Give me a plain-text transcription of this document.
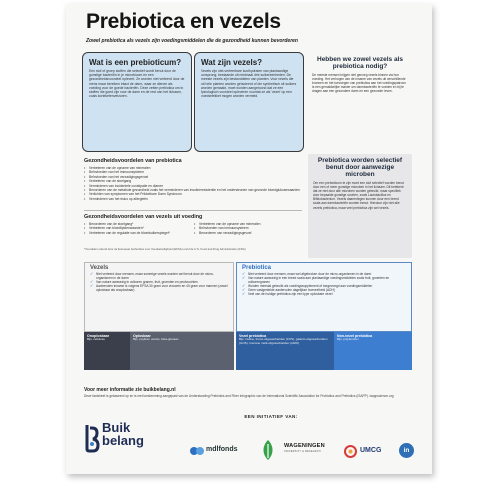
Prebiotica en vezels
Zowel prebiotica als vezels zijn voedingsmiddelen die de gezondheid kunnen bevorderen
Wat is een prebioticum?
Een stof of groep stoffen die selectief wordt benut door de gunstige bacteriën in je microbioom en een gezondheidsvoordeel oplevert. Ze worden niet verteerd door de mens maar bereiken intact de darm, waar ze dienen als voeding voor de goede bacteriën. Deze zetten prebiotica om in stoffen die goed zijn voor de darm en de rest van het lichaam, zoals korteketenvetzuren.
Wat zijn vezels?
Vezels zijn niet-verteerbare koolhydraten van plantaardige oorsprong, bestaande uit minimaal drie suikereenheden. De meeste vezels zijn bestanddelen van planten. Voor vezels die uit hele planten worden geïsoleerd of die synthetisch uit suikers worden gemaakt, moet worden aangetoond dat ze een fysiologisch voordeel opleveren voordat ze als 'vezel' op een voedseletiket mogen worden vermeld.
Hebben we zowel vezels als prebiotica nodig?
De meeste mensen krijgen niet genoeg vezels binnen via hun voeding. Het verhogen van de inname van vezels uit verschillende bronnen en het toevoegen van prebiotica aan het voedingspatroon is een gemakkelijke manier om darmbacteriën te voeden en bij te dragen aan een gezondere darm en een gezonder leven.
Prebiotica worden selectief benut door aanwezige microben
Om een prebioticum te zijn moet een stof selectief worden benut door een of meer gunstige microben in het lichaam. Dit betekent dat ze niet door alle microben worden gebruikt, maar specifiek door bepaalde gunstige soorten, zoals Lactobacillus en Bifidobacterium. Vezels daarentegen kunnen door een breed scala aan darmbacteriën worden benut. Hierdoor zijn niet alle vezels prebiotica, maar veel prebiotica zijn wel vezels.
Gezondheidsvoordelen van prebiotica
• Verbeteren van de opname van mineralen
• Beïnvloeden van het immuunsysteem
• Beïnvloeden van het verzadigingsgevoel
• Verbeteren van de stoelgang
• Verminderen van incidentele constipatie en diarree
• Bevorderen van de metabole gezondheid zoals het verminderen van insulineresistentie en het ondersteunen van gezonde bloedglukosewaarden
• Verlichten van symptomen van het Prikkelbare Darm Syndroom
• Verminderen van het risico op allergieën
Gezondheidsvoordelen van vezels uit voeding
• Bevorderen van de stoelgang*
• Verbeteren van bloedlipidenwaarden*
• Verbeteren van de regulatie van de bloedsuikerspiegel*
• Verbeteren van de opname van mineralen
• Beïnvloeden van immuunsysteem
• Bevorderen van verzadigingsgevoel
*Voordelen erkend door de European Authorities voor Voedselveiligheid (EFSA) en/of de U.S. Food and Drug Administration (FDA)
Vezels
✓ Niet verteerd door mensen, maar sommige vezels worden wel benut door de micro-organismen in de darm
✓ Van nature aanwezig in volkoren granen, fruit, groenten en peulvruchten
✓ Aanbevolen inname is volgens EFSA 30 gram voor vrouwen en 40 gram voor mannen (zowel oplosbaar als onoplosbaar)
Prebiotica
✓ Niet verteerd door mensen, maar wel afgebroken door de micro-organismen in de darm
✓ Van nature aanwezig in een breed scala aan plantaardige voedingsmiddelen zoals fruit, groenten en volkorengranen
✓ Worden meestal gebruikt als voedingssupplement of toegevoegd aan voedingsmiddelen
✓ Geen vastgestelde aanbevolen dagelijkse hoeveelheid (ADH)
✓ Veel van de huidige prebiotica zijn een type oplosbare vezel
Onoplosbaar
Bijv. cellulose
Oplosbaar
Bijv. psyllium vezels, bèta-glucaan
Vezel prebiotica
Bijv. inuline, fructo-oligosachariden (FOS), galacto-oligosachariden (GOS), humane melk-oligosachariden (HMO)
Non-vezel prebiotica
Bijv. polyfenolen
Voor meer informatie zie buikbelang.nl
Deze factsheet is gebaseerd op en is met toestemming aangepast van de Understanding Prebiotics and Fiber infographic van de International Scientific Association for Probiotics and Prebiotics (ISAPP). isappscience.org
EEN INITIATIEF VAN:
Buik
belang
mdlfonds	WAGENINGEN
UNIVERSITY & RESEARCH	UMCG	in
